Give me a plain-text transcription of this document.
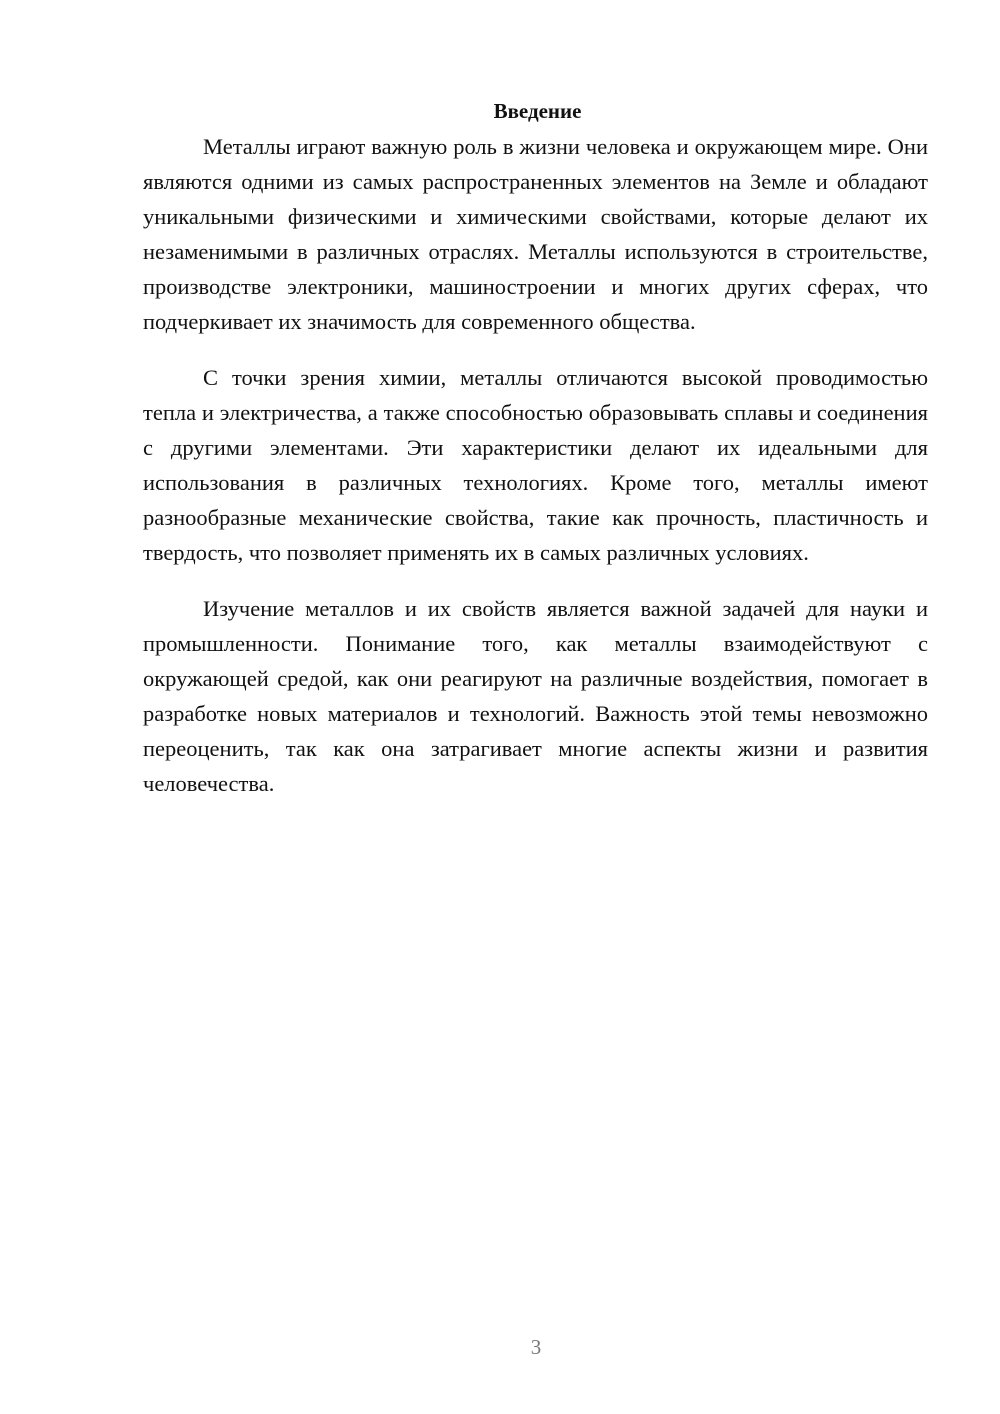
Введение

Металлы играют важную роль в жизни человека и окружающем мире. Они являются одними из самых распространенных элементов на Земле и обладают уникальными физическими и химическими свойствами, которые делают их незаменимыми в различных отраслях. Металлы используются в строительстве, производстве электроники, машиностроении и многих других сферах, что подчеркивает их значимость для современного общества.

С точки зрения химии, металлы отличаются высокой проводимостью тепла и электричества, а также способностью образовывать сплавы и соединения с другими элементами. Эти характеристики делают их идеальными для использования в различных технологиях. Кроме того, металлы имеют разнообразные механические свойства, такие как прочность, пластичность и твердость, что позволяет применять их в самых различных условиях.

Изучение металлов и их свойств является важной задачей для науки и промышленности. Понимание того, как металлы взаимодействуют с окружающей средой, как они реагируют на различные воздействия, помогает в разработке новых материалов и технологий. Важность этой темы невозможно переоценить, так как она затрагивает многие аспекты жизни и развития человечества.

3
